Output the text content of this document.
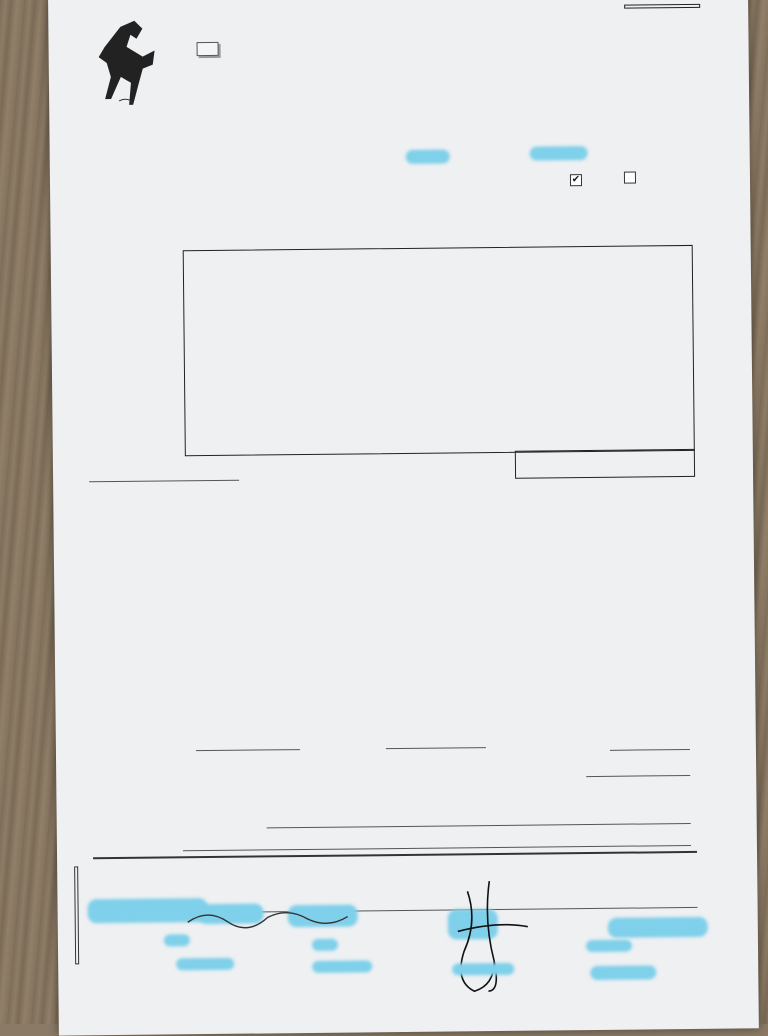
✔
